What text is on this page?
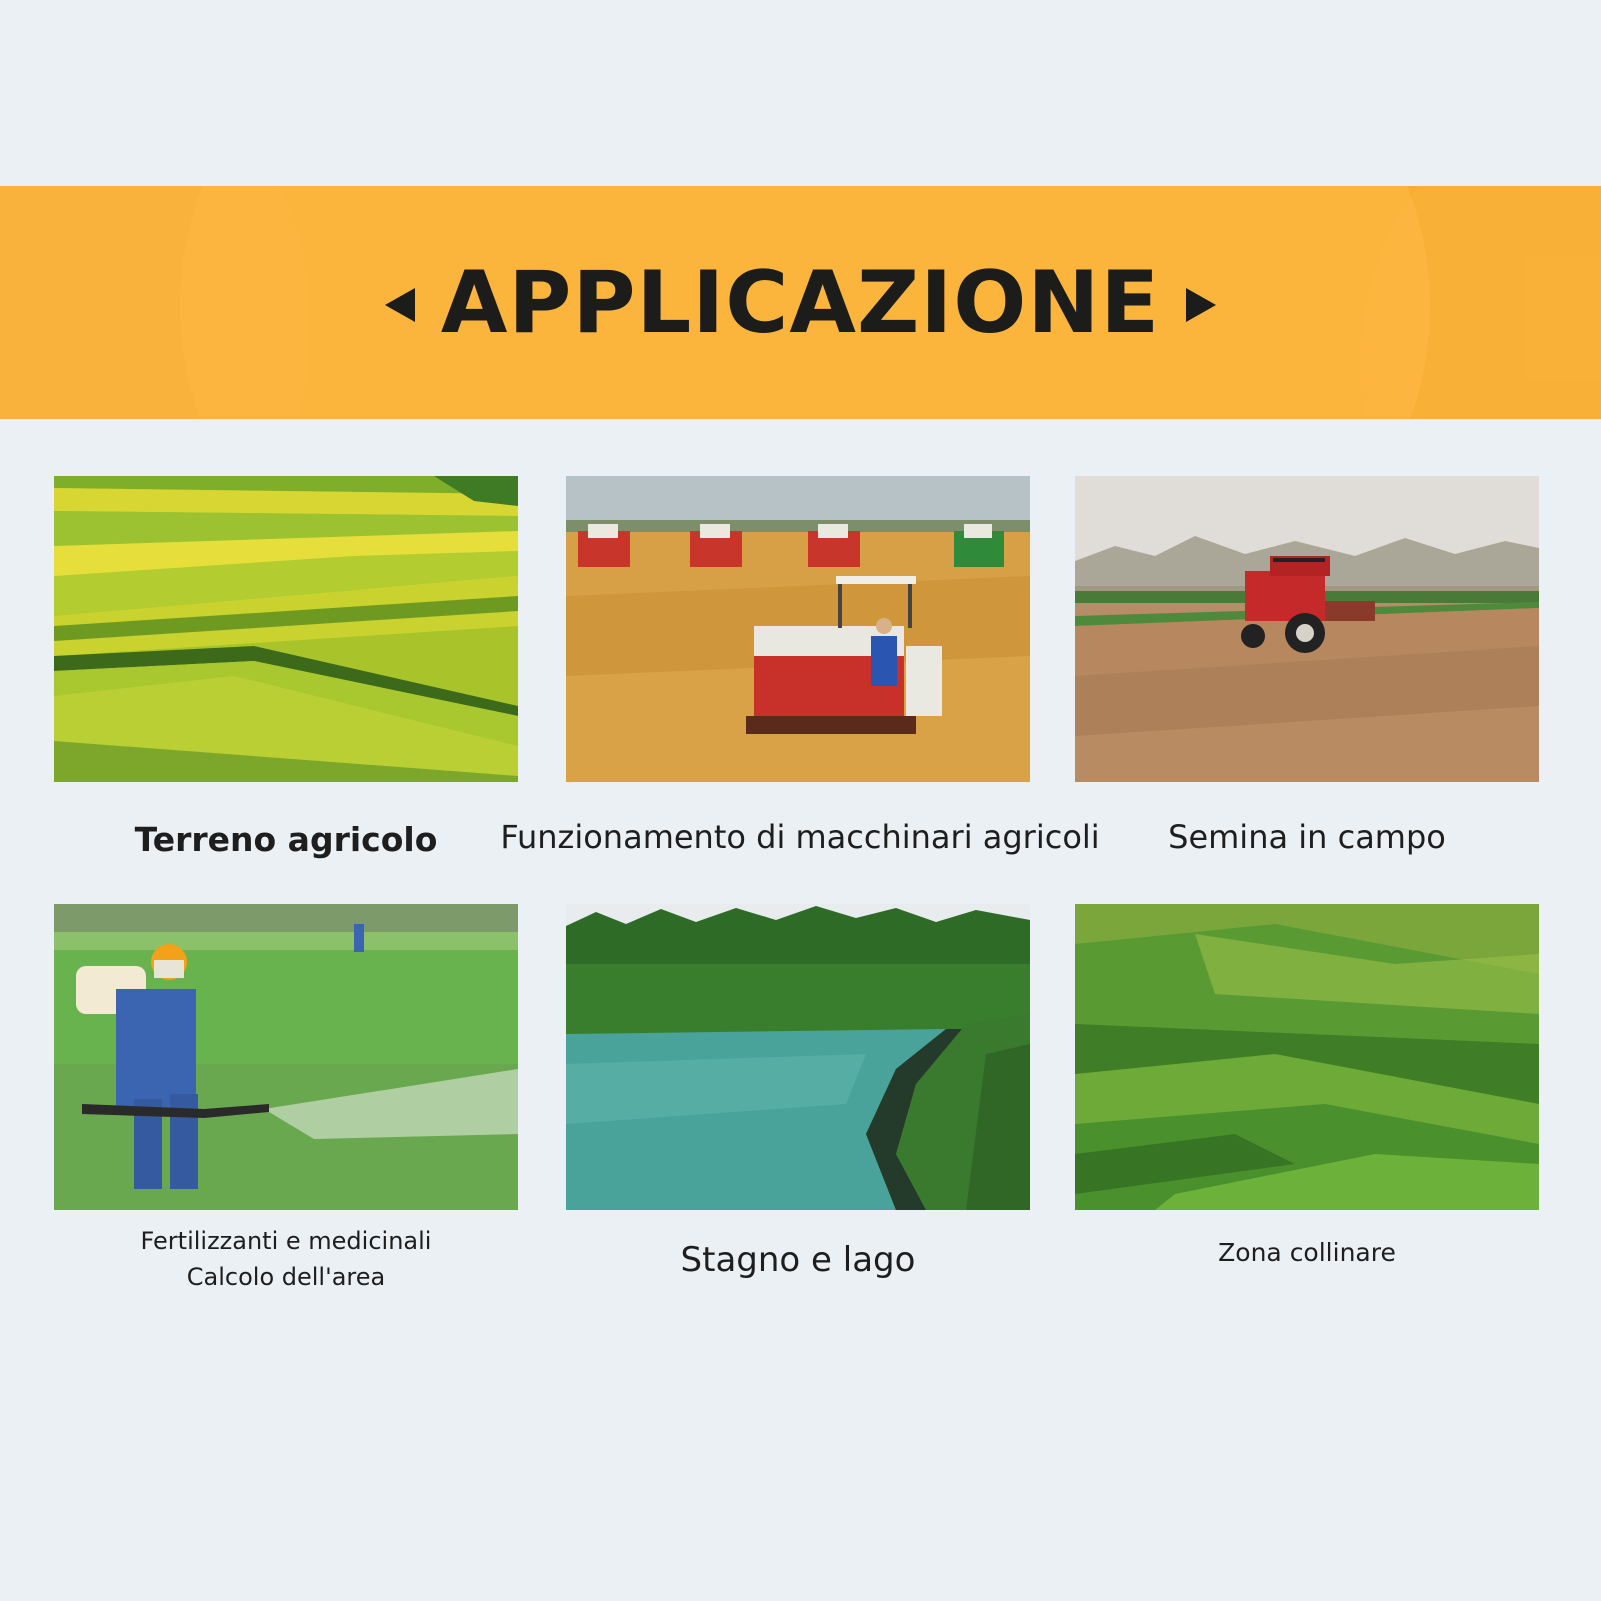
APPLICAZIONE
Terreno agricolo	Funzionamento di macchinari agricoli	Semina in campo
Fertilizzanti e medicinali
Calcolo dell'area	Stagno e lago	Zona collinare
